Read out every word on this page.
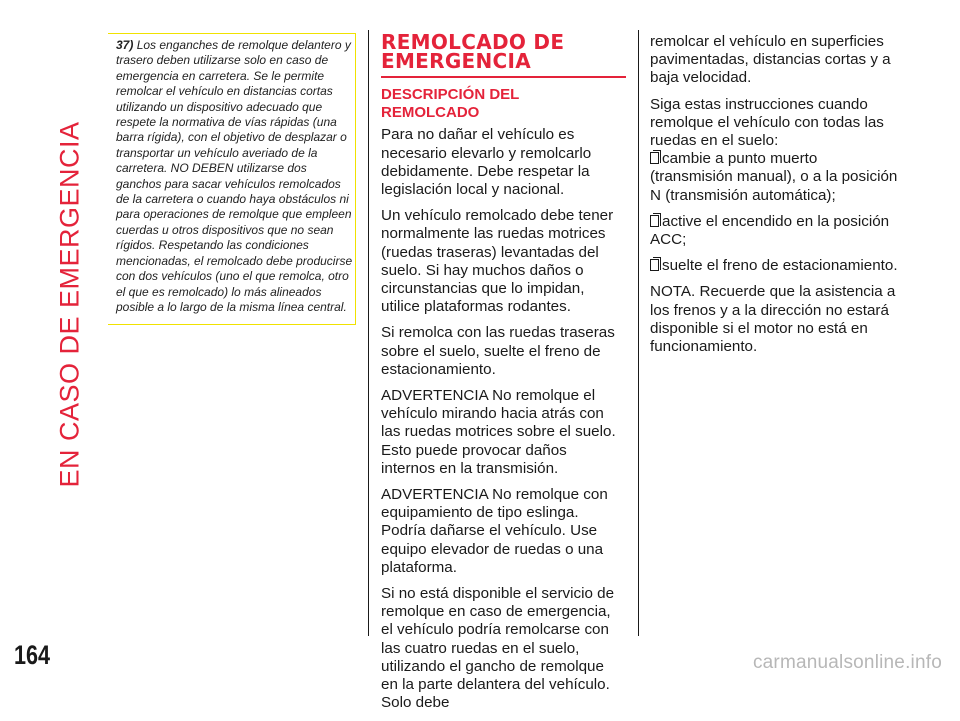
EN CASO DE EMERGENCIA
37) Los enganches de remolque delantero y trasero deben utilizarse solo en caso de emergencia en carretera. Se le permite remolcar el vehículo en distancias cortas utilizando un dispositivo adecuado que respete la normativa de vías rápidas (una barra rígida), con el objetivo de desplazar o transportar un vehículo averiado de la carretera. NO DEBEN utilizarse dos ganchos para sacar vehículos remolcados de la carretera o cuando haya obstáculos ni para operaciones de remolque que empleen cuerdas u otros dispositivos que no sean rígidos. Respetando las condiciones mencionadas, el remolcado debe producirse con dos vehículos (uno el que remolca, otro el que es remolcado) lo más alineados posible a lo largo de la misma línea central.
REMOLCADO DE
EMERGENCIA
DESCRIPCIÓN DEL REMOLCADO

Para no dañar el vehículo es necesario elevarlo y remolcarlo debidamente. Debe respetar la legislación local y nacional.

Un vehículo remolcado debe tener normalmente las ruedas motrices (ruedas traseras) levantadas del suelo. Si hay muchos daños o circunstancias que lo impidan, utilice plataformas rodantes.

Si remolca con las ruedas traseras sobre el suelo, suelte el freno de estacionamiento.

ADVERTENCIA No remolque el vehículo mirando hacia atrás con las ruedas motrices sobre el suelo. Esto puede provocar daños internos en la transmisión.

ADVERTENCIA No remolque con equipamiento de tipo eslinga. Podría dañarse el vehículo. Use equipo elevador de ruedas o una plataforma.

Si no está disponible el servicio de remolque en caso de emergencia, el vehículo podría remolcarse con las cuatro ruedas en el suelo, utilizando el gancho de remolque en la parte delantera del vehículo. Solo debe

remolcar el vehículo en superficies pavimentadas, distancias cortas y a baja velocidad.

Siga estas instrucciones cuando remolque el vehículo con todas las ruedas en el suelo:

cambie a punto muerto (transmisión manual), o a la posición N (transmisión automática);

active el encendido en la posición ACC;

suelte el freno de estacionamiento.

NOTA. Recuerde que la asistencia a los frenos y a la dirección no estará disponible si el motor no está en funcionamiento.

164	carmanualsonline.info
